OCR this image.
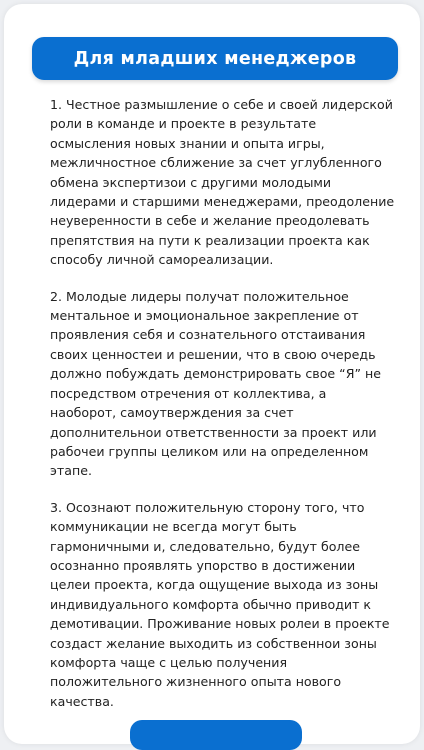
Для младших менеджеров

1. Честное размышление о себе и своей лидерской роли в команде и проекте в результате осмысления новых знании и опыта игры, межличностное сближение за счет углубленного обмена экспертизои с другими молодыми лидерами и старшими менеджерами, преодоление неуверенности в себе и желание преодолевать препятствия на пути к реализации проекта как способу личной самореализации.

2. Молодые лидеры получат положительное ментальное и эмоциональное закрепление от проявления себя и сознательного отстаивания своих ценностеи и решении, что в свою очередь должно побуждать демонстрировать свое “Я” не посредством отречения от коллектива, а наоборот, самоутверждения за счет дополнительнои ответственности за проект или рабочеи группы целиком или на определенном этапе.

3. Осознают положительную сторону того, что коммуникации не всегда могут быть гармоничными и, следовательно, будут более осознанно проявлять упорство в достижении целеи проекта, когда ощущение выхода из зоны индивидуального комфорта обычно приводит к демотивации. Проживание новых ролеи в проекте создаст желание выходить из собственнои зоны комфорта чаще с целью получения положительного жизненного опыта нового качества.
